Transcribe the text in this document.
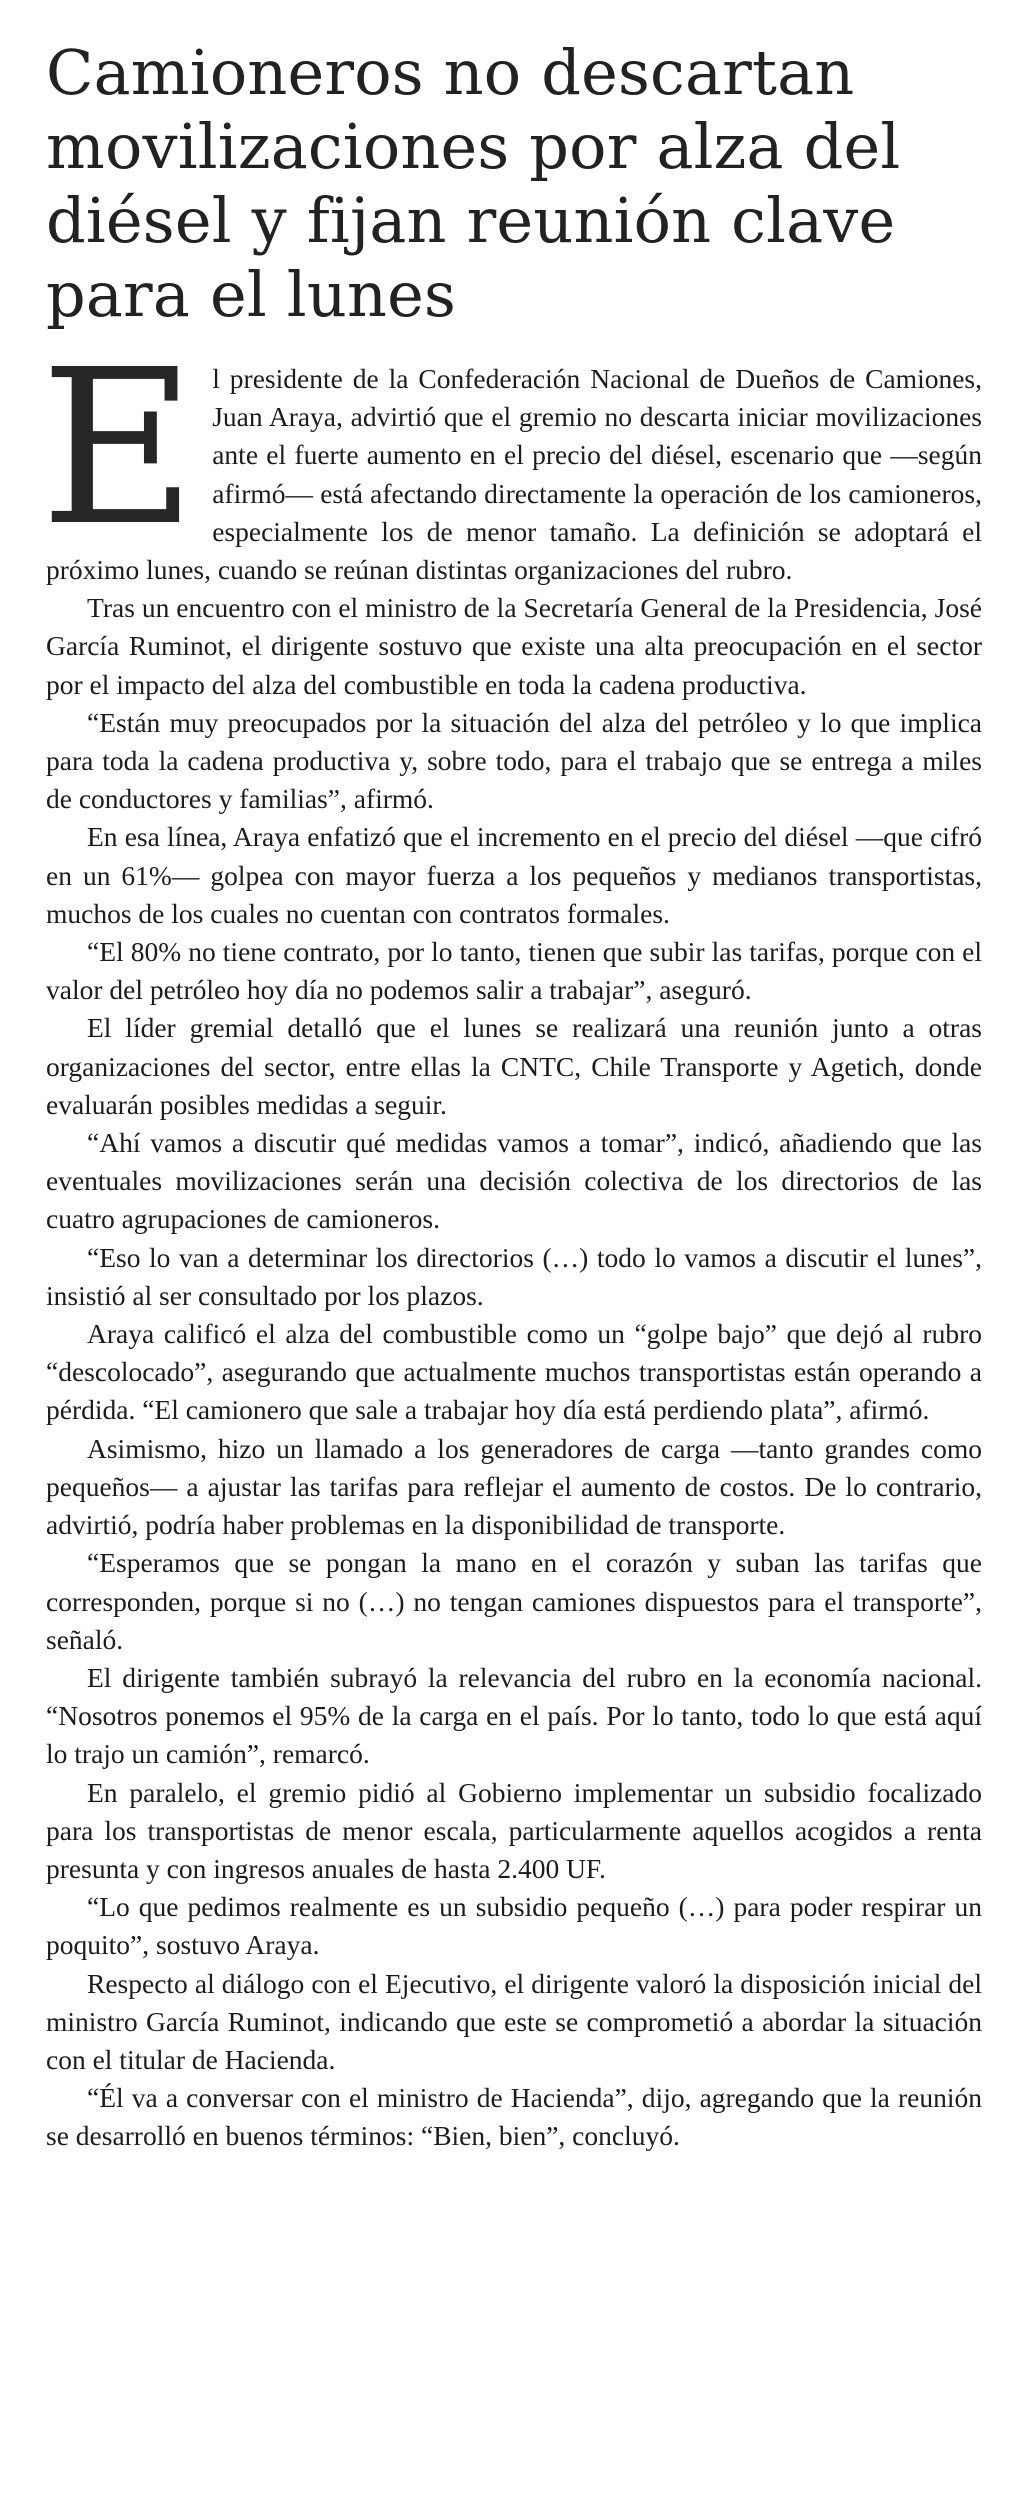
Camioneros no descartan movilizaciones por alza del diésel y fijan reunión clave para el lunes

El presidente de la Confederación Nacional de Dueños de Camiones, Juan Araya, advirtió que el gremio no descarta iniciar movilizaciones ante el fuerte aumento en el precio del diésel, escenario que —según afirmó— está afectando directamente la operación de los camioneros, especialmente los de menor tamaño. La definición se adoptará el próximo lunes, cuando se reúnan distintas organizaciones del rubro.

Tras un encuentro con el ministro de la Secretaría General de la Presidencia, José García Ruminot, el dirigente sostuvo que existe una alta preocupación en el sector por el impacto del alza del combustible en toda la cadena productiva.

“Están muy preocupados por la situación del alza del petróleo y lo que implica para toda la cadena productiva y, sobre todo, para el trabajo que se entrega a miles de conductores y familias”, afirmó.

En esa línea, Araya enfatizó que el incremento en el precio del diésel —que cifró en un 61%— golpea con mayor fuerza a los pequeños y medianos transportistas, muchos de los cuales no cuentan con contratos formales.

“El 80% no tiene contrato, por lo tanto, tienen que subir las tarifas, porque con el valor del petróleo hoy día no podemos salir a trabajar”, aseguró.

El líder gremial detalló que el lunes se realizará una reunión junto a otras organizaciones del sector, entre ellas la CNTC, Chile Transporte y Agetich, donde evaluarán posibles medidas a seguir.

“Ahí vamos a discutir qué medidas vamos a tomar”, indicó, añadiendo que las eventuales movilizaciones serán una decisión colectiva de los directorios de las cuatro agrupaciones de camioneros.

“Eso lo van a determinar los directorios (…) todo lo vamos a discutir el lunes”, insistió al ser consultado por los plazos.

Araya calificó el alza del combustible como un “golpe bajo” que dejó al rubro “descolocado”, asegurando que actualmente muchos transportistas están operando a pérdida. “El camionero que sale a trabajar hoy día está perdiendo plata”, afirmó.

Asimismo, hizo un llamado a los generadores de carga —tanto grandes como pequeños— a ajustar las tarifas para reflejar el aumento de costos. De lo contrario, advirtió, podría haber problemas en la disponibilidad de transporte.

“Esperamos que se pongan la mano en el corazón y suban las tarifas que corresponden, porque si no (…) no tengan camiones dispuestos para el transporte”, señaló.

El dirigente también subrayó la relevancia del rubro en la economía nacional. “Nosotros ponemos el 95% de la carga en el país. Por lo tanto, todo lo que está aquí lo trajo un camión”, remarcó.

En paralelo, el gremio pidió al Gobierno implementar un subsidio focalizado para los transportistas de menor escala, particularmente aquellos acogidos a renta presunta y con ingresos anuales de hasta 2.400 UF.

“Lo que pedimos realmente es un subsidio pequeño (…) para poder respirar un poquito”, sostuvo Araya.

Respecto al diálogo con el Ejecutivo, el dirigente valoró la disposición inicial del ministro García Ruminot, indicando que este se comprometió a abordar la situación con el titular de Hacienda.

“Él va a conversar con el ministro de Hacienda”, dijo, agregando que la reunión se desarrolló en buenos términos: “Bien, bien”, concluyó.
